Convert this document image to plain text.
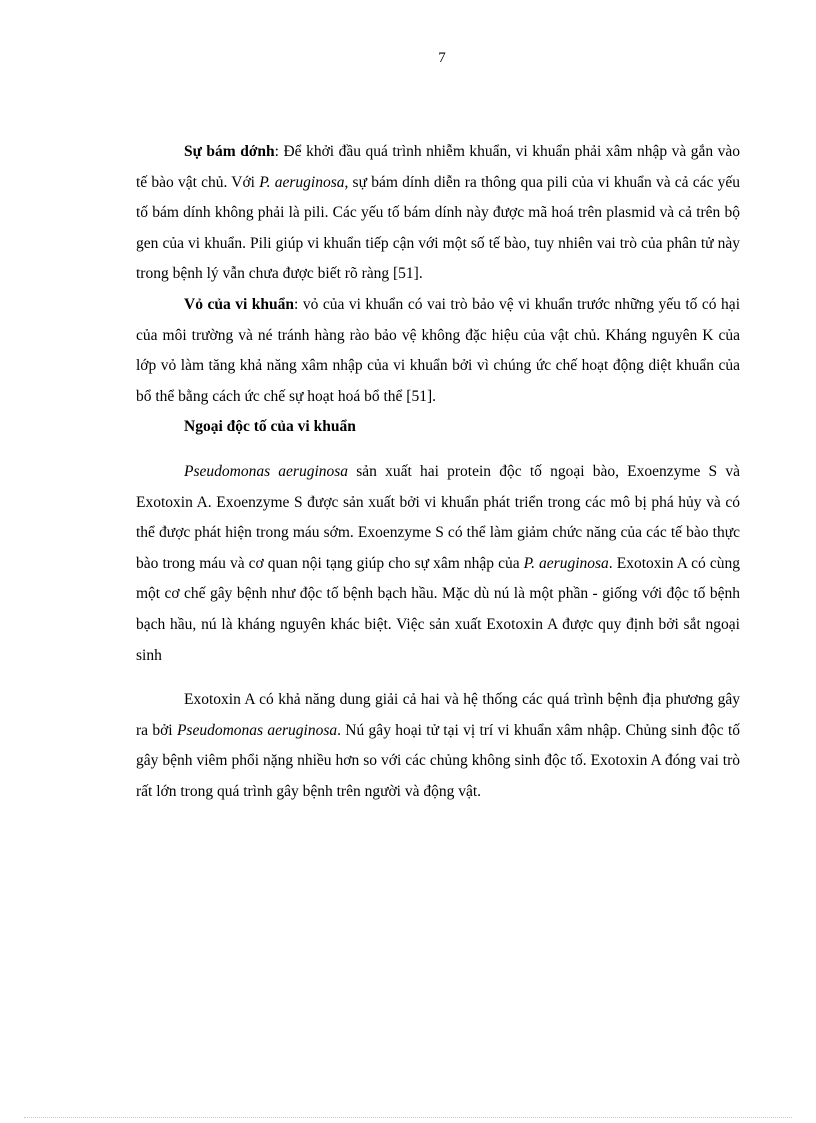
7

Sự bám dớnh: Để khởi đầu quá trình nhiễm khuẩn, vi khuẩn phải xâm nhập và gắn vào tế bào vật chủ. Với P. aeruginosa, sự bám dính diễn ra thông qua pili của vi khuẩn và cả các yếu tố bám dính không phải là pili. Các yếu tố bám dính này được mã hoá trên plasmid và cả trên bộ gen của vi khuẩn. Pili giúp vi khuẩn tiếp cận với một số tế bào, tuy nhiên vai trò của phân tử này trong bệnh lý vẫn chưa được biết rõ ràng [51].

Vỏ của vi khuẩn: vỏ của vi khuẩn có vai trò bảo vệ vi khuẩn trước những yếu tố có hại của môi trường và né tránh hàng rào bảo vệ không đặc hiệu của vật chủ. Kháng nguyên K của lớp vỏ làm tăng khả năng xâm nhập của vi khuẩn bởi vì chúng ức chế hoạt động diệt khuẩn của bổ thể bằng cách ức chế sự hoạt hoá bổ thể [51].

Ngoại độc tố của vi khuẩn

Pseudomonas aeruginosa sản xuất hai protein độc tố ngoại bào, Exoenzyme S và Exotoxin A. Exoenzyme S được sản xuất bởi vi khuẩn phát triển trong các mô bị phá hủy và có thể được phát hiện trong máu sớm. Exoenzyme S có thể làm giảm chức năng của các tế bào thực bào trong máu và cơ quan nội tạng giúp cho sự xâm nhập của P. aeruginosa. Exotoxin A có cùng một cơ chế gây bệnh như độc tố bệnh bạch hầu. Mặc dù nú là một phần - giống với độc tố bệnh bạch hầu, nú là kháng nguyên khác biệt. Việc sản xuất Exotoxin A được quy định bởi sắt ngoại sinh

Exotoxin A có khả năng dung giải cả hai và hệ thống các quá trình bệnh địa phương gây ra bởi Pseudomonas aeruginosa. Nú gây hoại tử tại vị trí vi khuẩn xâm nhập. Chủng sinh độc tố gây bệnh viêm phổi nặng nhiều hơn so với các chủng không sinh độc tố. Exotoxin A đóng vai trò rất lớn trong quá trình gây bệnh trên người và động vật.
